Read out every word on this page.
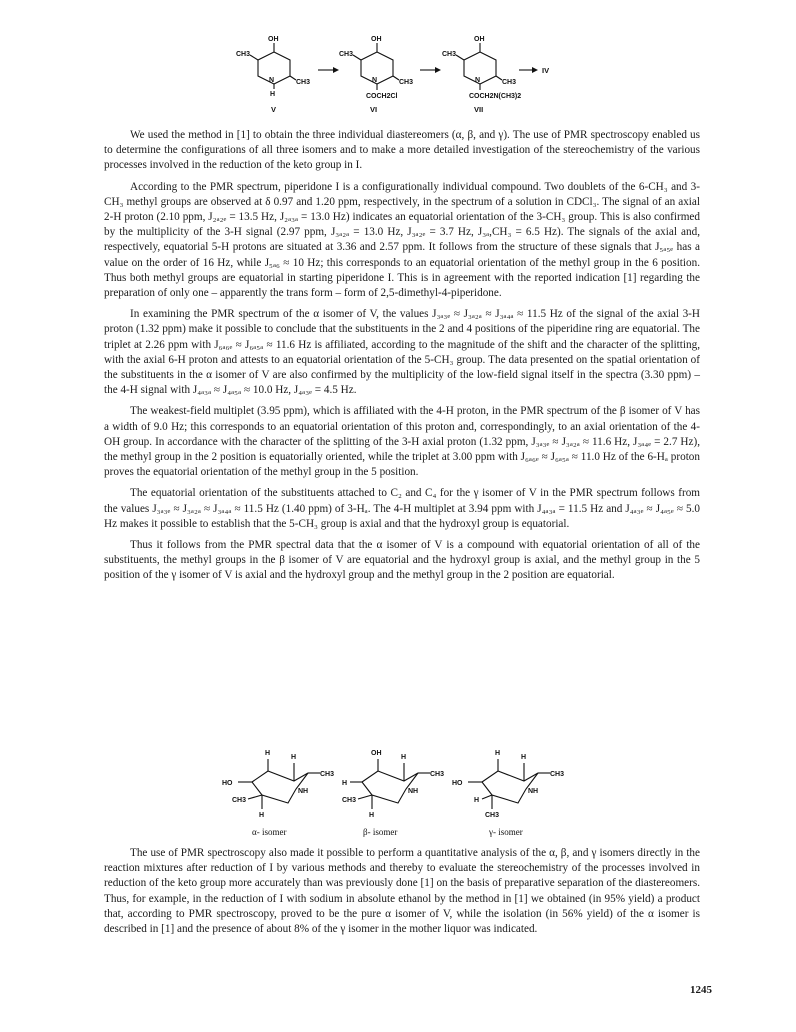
OH
CH3
N	CH3
H
V
OH
CH3
N	CH3
COCH2Cl
VI
OH
CH3
N	CH3
COCH2N(CH3)2
VII
IV

We used the method in [1] to obtain the three individual diastereomers (α, β, and γ). The use of PMR spectroscopy enabled us to determine the configurations of all three isomers and to make a more detailed investigation of the stereochemistry of the various processes involved in the reduction of the keto group in I.

According to the PMR spectrum, piperidone I is a configurationally individual compound. Two doublets of the 6-CH₃ and 3-CH₃ methyl groups are observed at δ 0.97 and 1.20 ppm, respectively, in the spectrum of a solution in CDCl₃. The signal of an axial 2-H proton (2.10 ppm, J₂ₐ₂ₑ = 13.5 Hz, J₂ₐ₃ₐ = 13.0 Hz) indicates an equatorial orientation of the 3-CH₃ group. This is also confirmed by the multiplicity of the 3-H signal (2.97 ppm, J₃ₐ₂ₐ = 13.0 Hz, J₃ₐ₂ₑ = 3.7 Hz, J₃ₐ,CH₃ = 6.5 Hz). The signals of the axial and, respectively, equatorial 5-H protons are situated at 3.36 and 2.57 ppm. It follows from the structure of these signals that J₅ₐ₅ₑ has a value on the order of 16 Hz, while J₅ₐ₆ ≈ 10 Hz; this corresponds to an equatorial orientation of the methyl group in the 6 position. Thus both methyl groups are equatorial in starting piperidone I. This is in agreement with the reported indication [1] regarding the preparation of only one – apparently the trans form – form of 2,5-dimethyl-4-piperidone.

In examining the PMR spectrum of the α isomer of V, the values J₃ₐ₃ₑ ≈ J₃ₐ₂ₐ ≈ J₃ₐ₄ₐ ≈ 11.5 Hz of the signal of the axial 3-H proton (1.32 ppm) make it possible to conclude that the substituents in the 2 and 4 positions of the piperidine ring are equatorial. The triplet at 2.26 ppm with J₆ₐ₆ₑ ≈ J₆ₐ₅ₐ ≈ 11.6 Hz is affiliated, according to the magnitude of the shift and the character of the splitting, with the axial 6-H proton and attests to an equatorial orientation of the 5-CH₃ group. The data presented on the spatial orientation of the substituents in the α isomer of V are also confirmed by the multiplicity of the low-field signal itself in the spectra (3.30 ppm) – the 4-H signal with J₄ₐ₃ₐ ≈ J₄ₐ₅ₐ ≈ 10.0 Hz, J₄ₐ₃ₑ = 4.5 Hz.

The weakest-field multiplet (3.95 ppm), which is affiliated with the 4-H proton, in the PMR spectrum of the β isomer of V has a width of 9.0 Hz; this corresponds to an equatorial orientation of this proton and, correspondingly, to an axial orientation of the 4-OH group. In accordance with the character of the splitting of the 3-H axial proton (1.32 ppm, J₃ₐ₃ₑ ≈ J₃ₐ₂ₐ ≈ 11.6 Hz, J₃ₐ₄ₑ = 2.7 Hz), the methyl group in the 2 position is equatorially oriented, while the triplet at 3.00 ppm with J₆ₐ₆ₑ ≈ J₆ₐ₅ₐ ≈ 11.0 Hz of the 6-Hₐ proton proves the equatorial orientation of the methyl group in the 5 position.

The equatorial orientation of the substituents attached to C₂ and C₄ for the γ isomer of V in the PMR spectrum follows from the values J₃ₐ₃ₑ ≈ J₃ₐ₂ₐ ≈ J₃ₐ₄ₐ ≈ 11.5 Hz (1.40 ppm) of 3-Hₐ. The 4-H multiplet at 3.94 ppm with J₄ₐ₃ₐ = 11.5 Hz and J₄ₐ₃ₑ ≈ J₄ₐ₅ₑ ≈ 5.0 Hz makes it possible to establish that the 5-CH₃ group is axial and that the hydroxyl group is equatorial.

Thus it follows from the PMR spectral data that the α isomer of V is a compound with equatorial orientation of all of the substituents, the methyl groups in the β isomer of V are equatorial and the hydroxyl group is axial, and the methyl group in the 5 position of the γ isomer of V is axial and the hydroxyl group and the methyl group in the 2 position are equatorial.

H
H
HO
CH3
CH3
NH
H
α- isomer
OH
H
H
CH3
CH3
NH
H
β- isomer
H
H
HO
CH3
H
NH
CH3
γ- isomer

The use of PMR spectroscopy also made it possible to perform a quantitative analysis of the α, β, and γ isomers directly in the reaction mixtures after reduction of I by various methods and thereby to evaluate the stereochemistry of the processes involved in reduction of the keto group more accurately than was previously done [1] on the basis of preparative separation of the diastereomers. Thus, for example, in the reduction of I with sodium in absolute ethanol by the method in [1] we obtained (in 95% yield) a product that, according to PMR spectroscopy, proved to be the pure α isomer of V, while the isolation (in 56% yield) of the α isomer is described in [1] and the presence of about 8% of the γ isomer in the mother liquor was indicated.

1245
